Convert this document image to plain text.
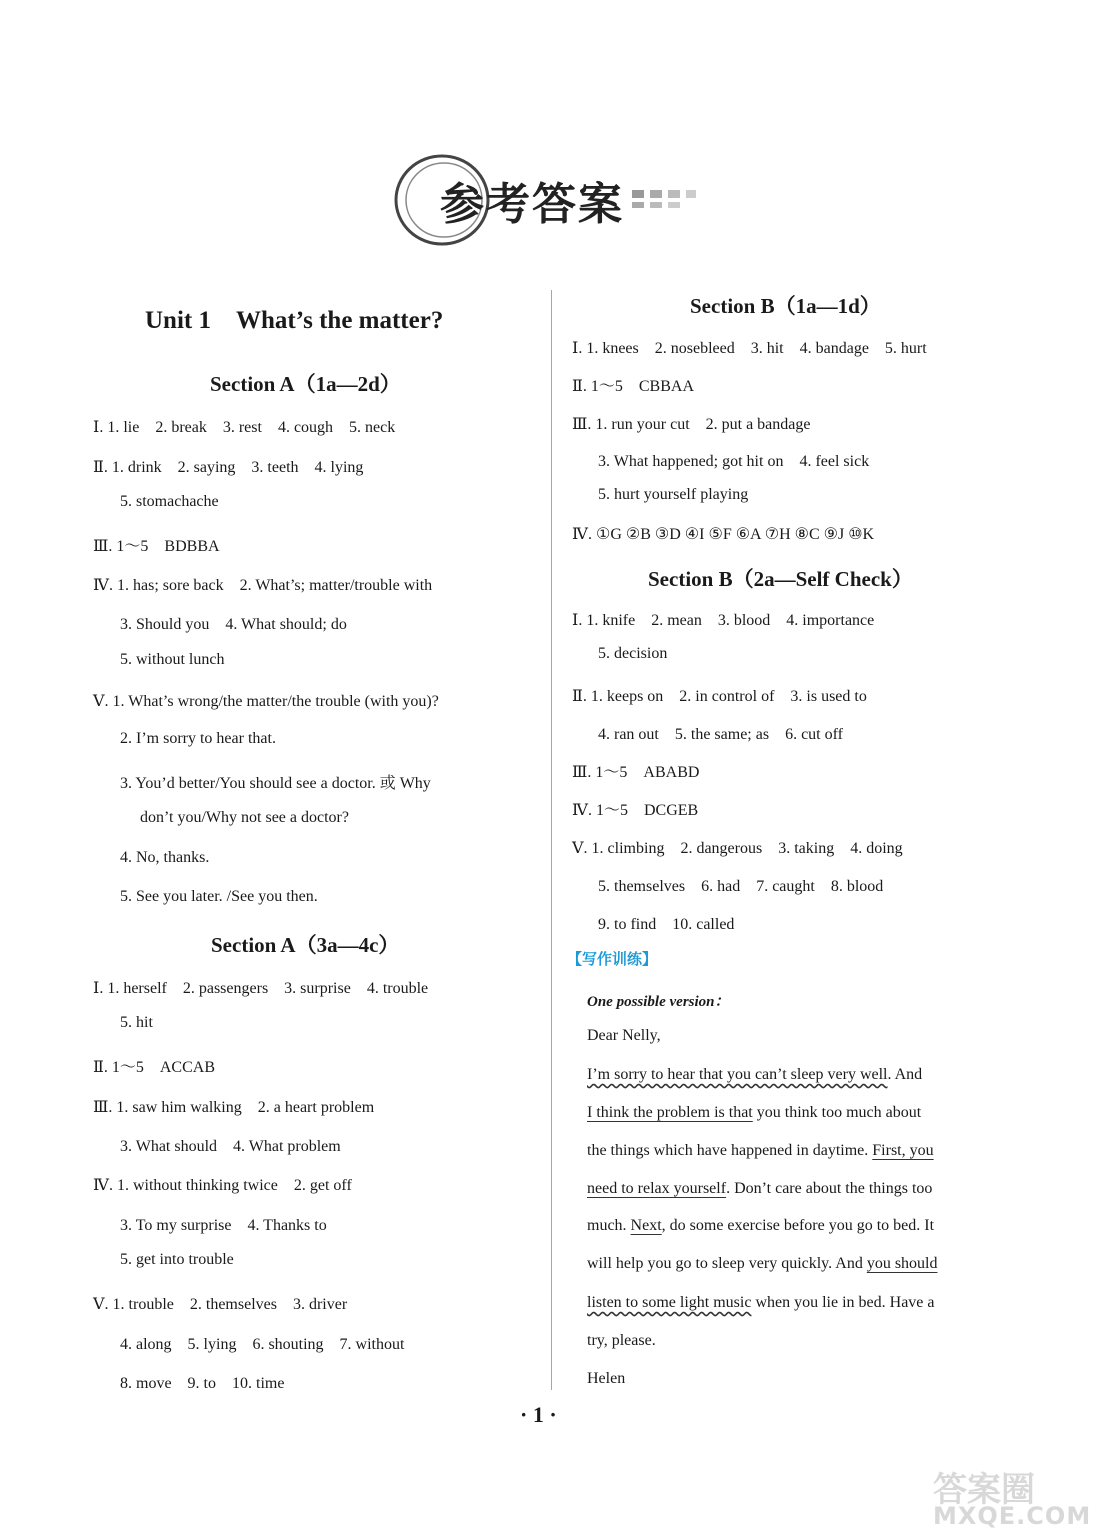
参考答案
Unit 1　What’s the matter?
Section A（1a—2d）
Ⅰ. 1. lie　2. break　3. rest　4. cough　5. neck
Ⅱ. 1. drink　2. saying　3. teeth　4. lying
5. stomachache
Ⅲ. 1～5　BDBBA
Ⅳ. 1. has; sore back　2. What’s; matter/trouble with
3. Should you　4. What should; do
5. without lunch
Ⅴ. 1. What’s wrong/the matter/the trouble (with you)?
2. I’m sorry to hear that.
3. You’d better/You should see a doctor. 或 Why
don’t you/Why not see a doctor?
4. No, thanks.
5. See you later. /See you then.
Section A（3a—4c）
Ⅰ. 1. herself　2. passengers　3. surprise　4. trouble
5. hit
Ⅱ. 1～5　ACCAB
Ⅲ. 1. saw him walking　2. a heart problem
3. What should　4. What problem
Ⅳ. 1. without thinking twice　2. get off
3. To my surprise　4. Thanks to
5. get into trouble
Ⅴ. 1. trouble　2. themselves　3. driver
4. along　5. lying　6. shouting　7. without
8. move　9. to　10. time
Section B（1a—1d）
Ⅰ. 1. knees　2. nosebleed　3. hit　4. bandage　5. hurt
Ⅱ. 1～5　CBBAA
Ⅲ. 1. run your cut　2. put a bandage
3. What happened; got hit on　4. feel sick
5. hurt yourself playing
Ⅳ. ①G ②B ③D ④I ⑤F ⑥A ⑦H ⑧C ⑨J ⑩K
Section B（2a—Self Check）
Ⅰ. 1. knife　2. mean　3. blood　4. importance
5. decision
Ⅱ. 1. keeps on　2. in control of　3. is used to
4. ran out　5. the same; as　6. cut off
Ⅲ. 1～5　ABABD
Ⅳ. 1～5　DCGEB
Ⅴ. 1. climbing　2. dangerous　3. taking　4. doing
5. themselves　6. had　7. caught　8. blood
9. to find　10. called
【写作训练】
One possible version：
Dear Nelly,
I’m sorry to hear that you can’t sleep very well. And
I think the problem is that you think too much about
the things which have happened in daytime. First, you
need to relax yourself. Don’t care about the things too
much. Next, do some exercise before you go to bed. It
will help you go to sleep very quickly. And you should
listen to some light music when you lie in bed. Have a
try, please.
Helen
· 1 ·
答案圈
MXQE.COM
